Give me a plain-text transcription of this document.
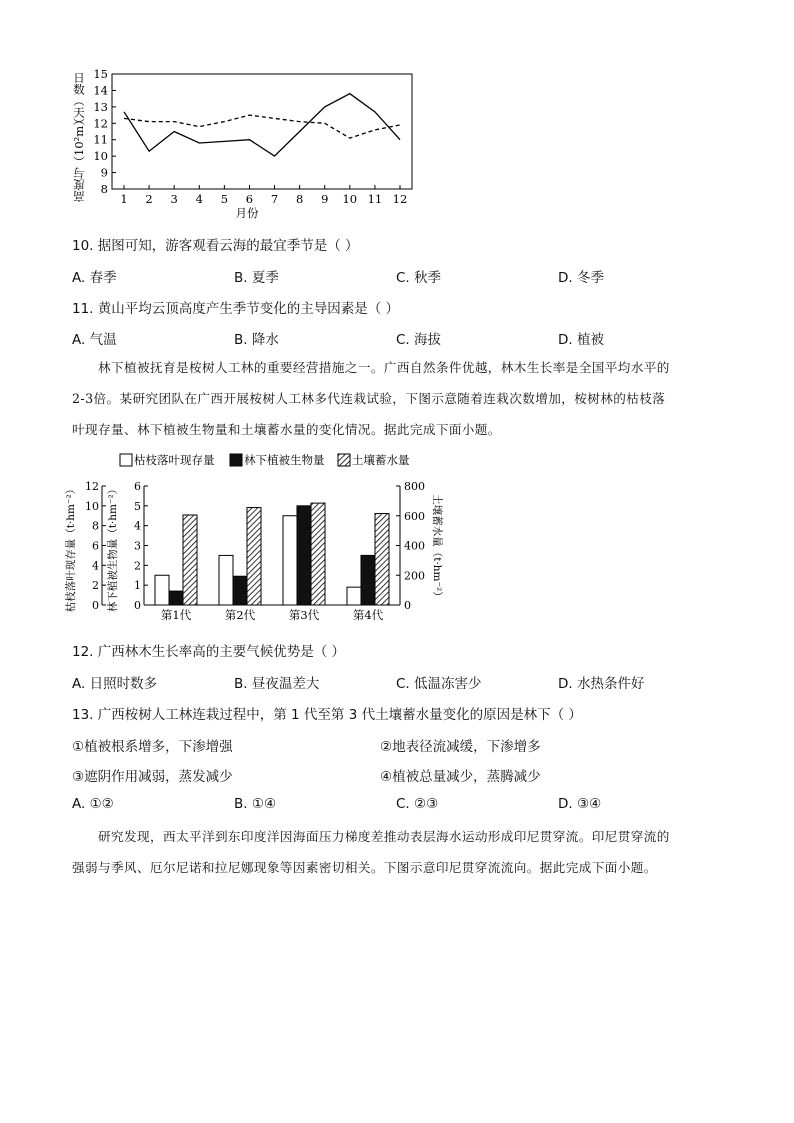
日数（天）
高度与（10²m） 8
9
10
11
12
13
14
15
1 2 3 4 5 6 7 8 9 10 11 12
月份
10. 据图可知，游客观看云海的最宜季节是（ ）
A. 春季	B. 夏季	C. 秋季	D. 冬季
11. 黄山平均云顶高度产生季节变化的主导因素是（ ）
A. 气温	B. 降水	C. 海拔	D. 植被
林下植被抚育是桉树人工林的重要经营措施之一。广西自然条件优越，林木生长率是全国平均水平的
2-3倍。某研究团队在广西开展桉树人工林多代连栽试验，下图示意随着连栽次数增加，桉树林的枯枝落
叶现存量、林下植被生物量和土壤蓄水量的变化情况。据此完成下面小题。
枯枝落叶现存量	林下植被生物量 土壤蓄水量
枯枝落叶现存量（t·hm⁻²）	林下植被生物量（t·hm⁻²）	土壤蓄水量（t·hm⁻²）
0
2
4
6
8
10
12
0
1
2
3
4
5
6
0
200
400
600
800
第1代	第2代	第3代	第4代
12. 广西林木生长率高的主要气候优势是（ ）
A. 日照时数多	B. 昼夜温差大	C. 低温冻害少	D. 水热条件好
13. 广西桉树人工林连栽过程中，第 1 代至第 3 代土壤蓄水量变化的原因是林下（ ）
①植被根系增多，下渗增强	②地表径流减缓，下渗增多
③遮阴作用减弱，蒸发减少	④植被总量减少，蒸腾减少
A. ①②	B. ①④	C. ②③	D. ③④
研究发现，西太平洋到东印度洋因海面压力梯度差推动表层海水运动形成印尼贯穿流。印尼贯穿流的
强弱与季风、厄尔尼诺和拉尼娜现象等因素密切相关。下图示意印尼贯穿流流向。据此完成下面小题。
